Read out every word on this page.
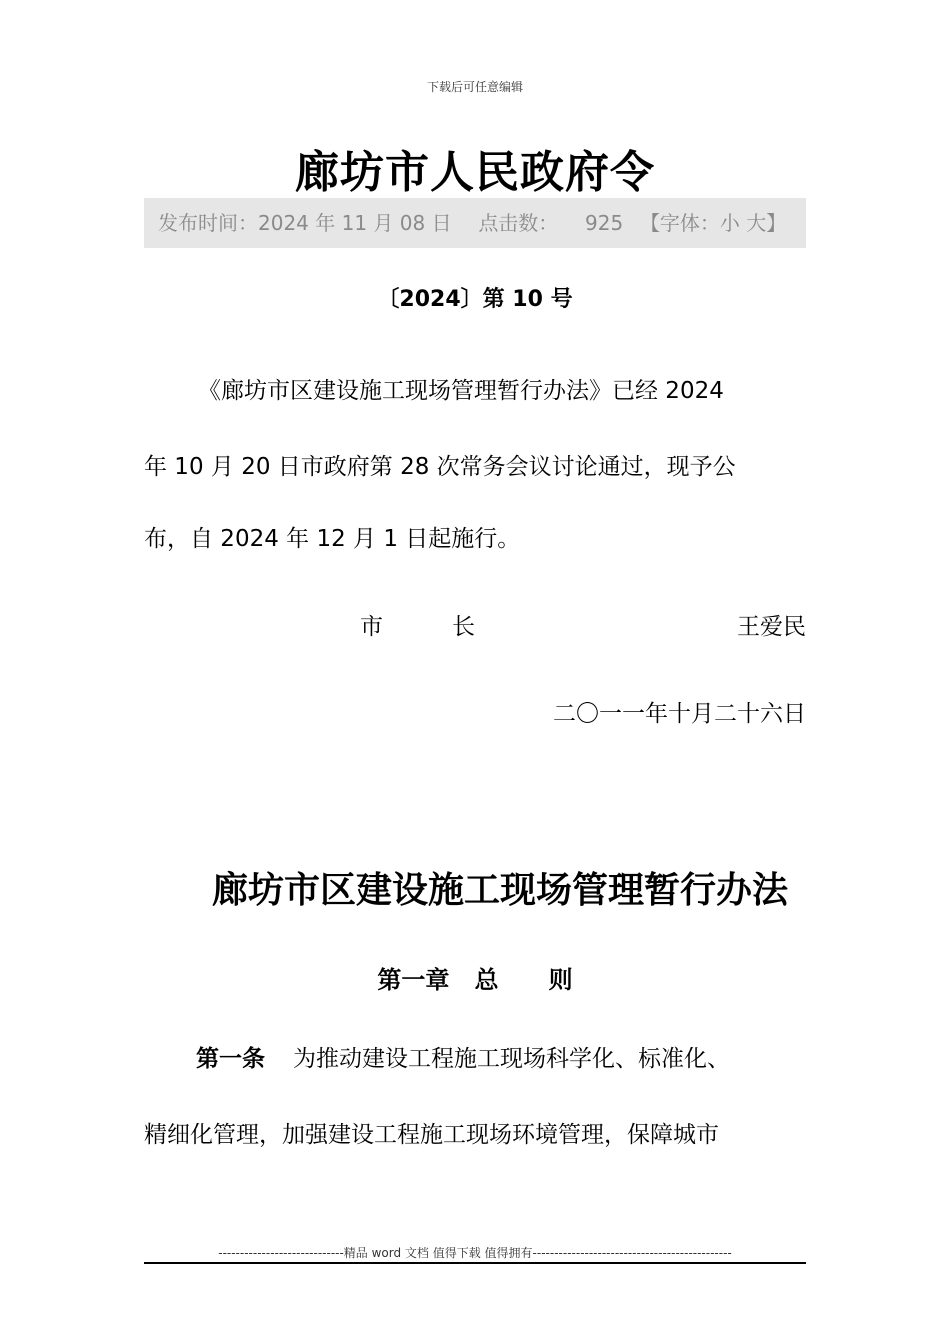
下载后可任意编辑
廊坊市人民政府令
发布时间：2024 年 11 月 08 日 点击数： 925 【字体：小 大】
〔2024〕第 10 号
《廊坊市区建设施工现场管理暂行办法》已经 2024
年 10 月 20 日市政府第 28 次常务会议讨论通过，现予公
布，自 2024 年 12 月 1 日起施行。
市	长	王爱民
二〇一一年十月二十六日
廊坊市区建设施工现场管理暂行办法
第一章   总      则
第一条 为推动建设工程施工现场科学化、标准化、
精细化管理，加强建设工程施工现场环境管理，保障城市
-----------------------------精品 word 文档 值得下载 值得拥有----------------------------------------------
